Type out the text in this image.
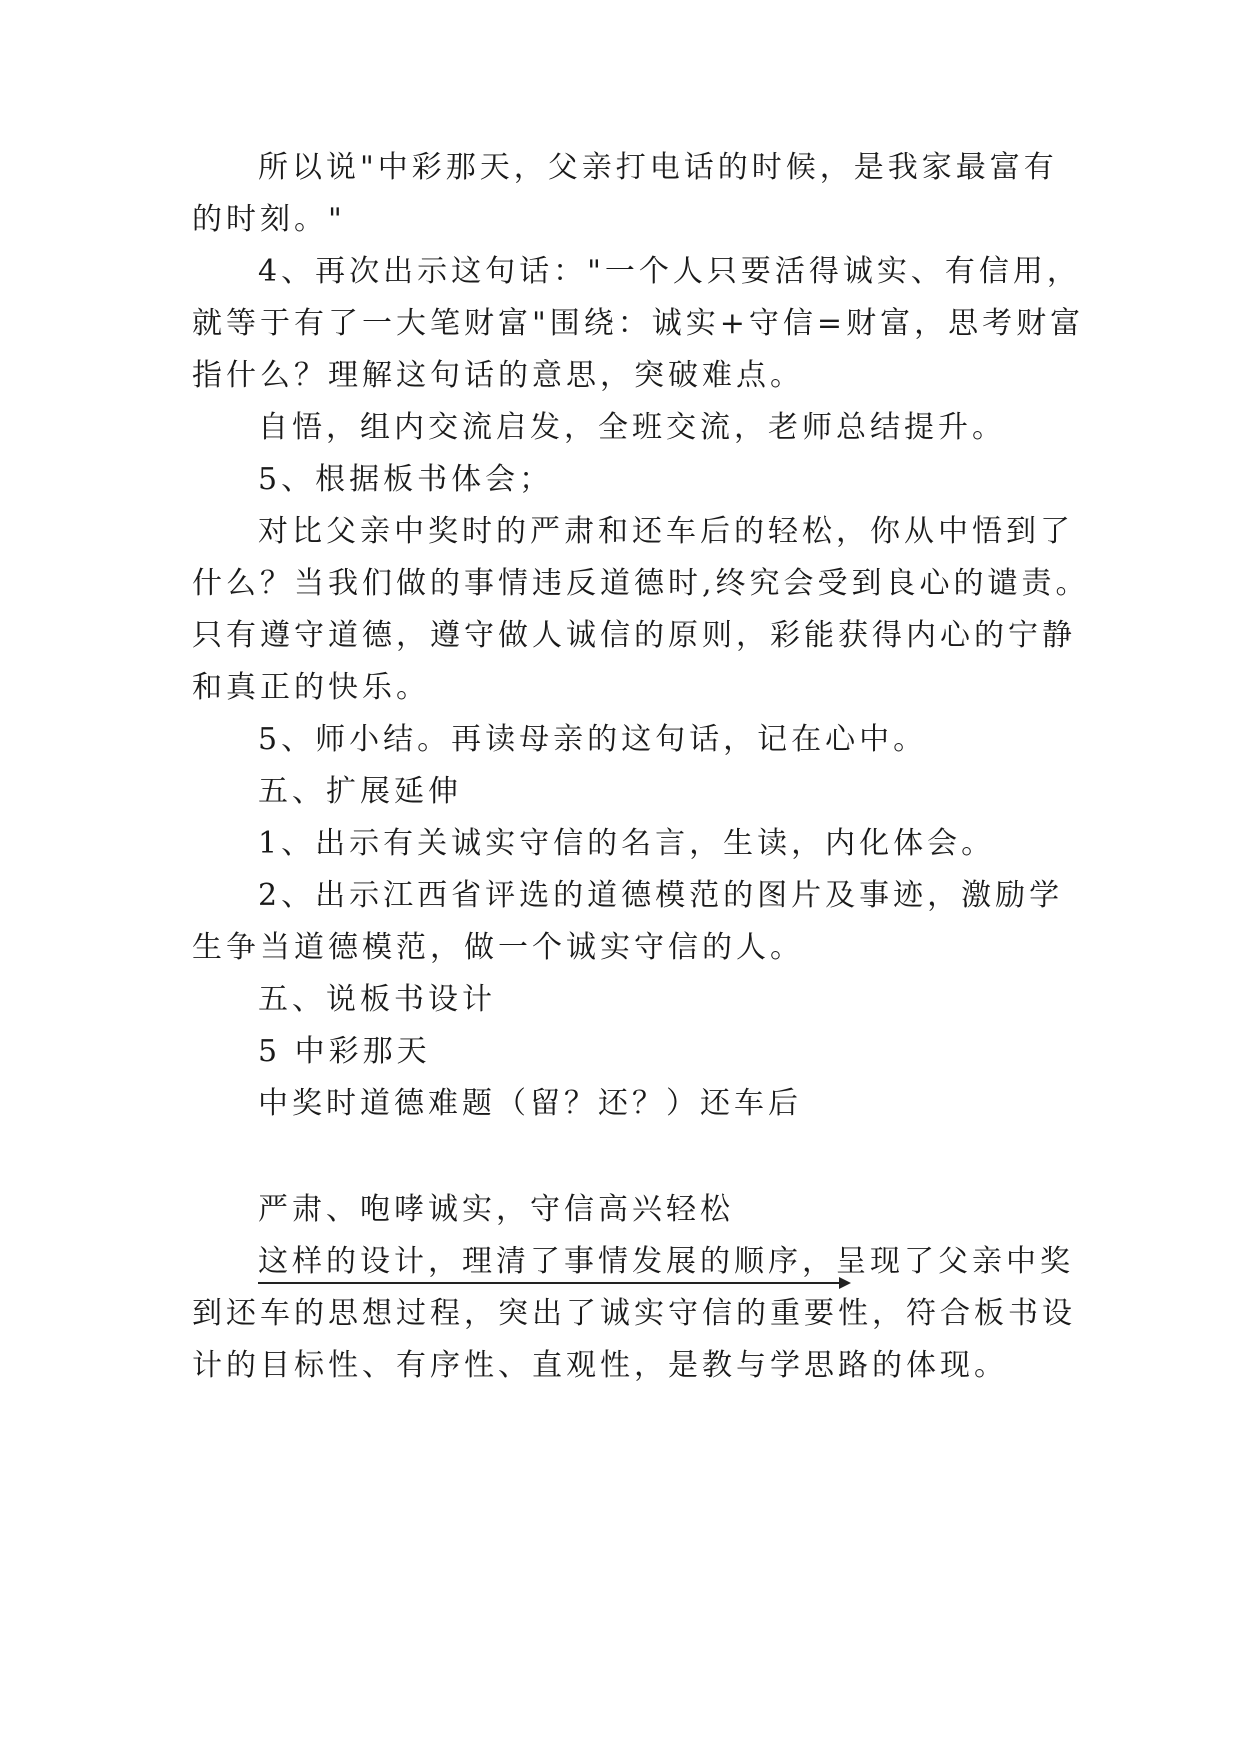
所以说"中彩那天，父亲打电话的时候，是我家最富有
的时刻。"
4、再次出示这句话："一个人只要活得诚实、有信用，
就等于有了一大笔财富"围绕：诚实+守信=财富，思考财富
指什么？理解这句话的意思，突破难点。
自悟，组内交流启发，全班交流，老师总结提升。
5、根据板书体会；
对比父亲中奖时的严肃和还车后的轻松，你从中悟到了
什么？当我们做的事情违反道德时,终究会受到良心的谴责。
只有遵守道德，遵守做人诚信的原则，彩能获得内心的宁静
和真正的快乐。
5、师小结。再读母亲的这句话，记在心中。
五、扩展延伸
1、出示有关诚实守信的名言，生读，内化体会。
2、出示江西省评选的道德模范的图片及事迹，激励学
生争当道德模范，做一个诚实守信的人。
五、说板书设计
5 中彩那天
中奖时道德难题（留？还？）还车后
严肃、咆哮诚实，守信高兴轻松
这样的设计，理清了事情发展的顺序，呈现了父亲中奖
到还车的思想过程，突出了诚实守信的重要性，符合板书设
计的目标性、有序性、直观性，是教与学思路的体现。
